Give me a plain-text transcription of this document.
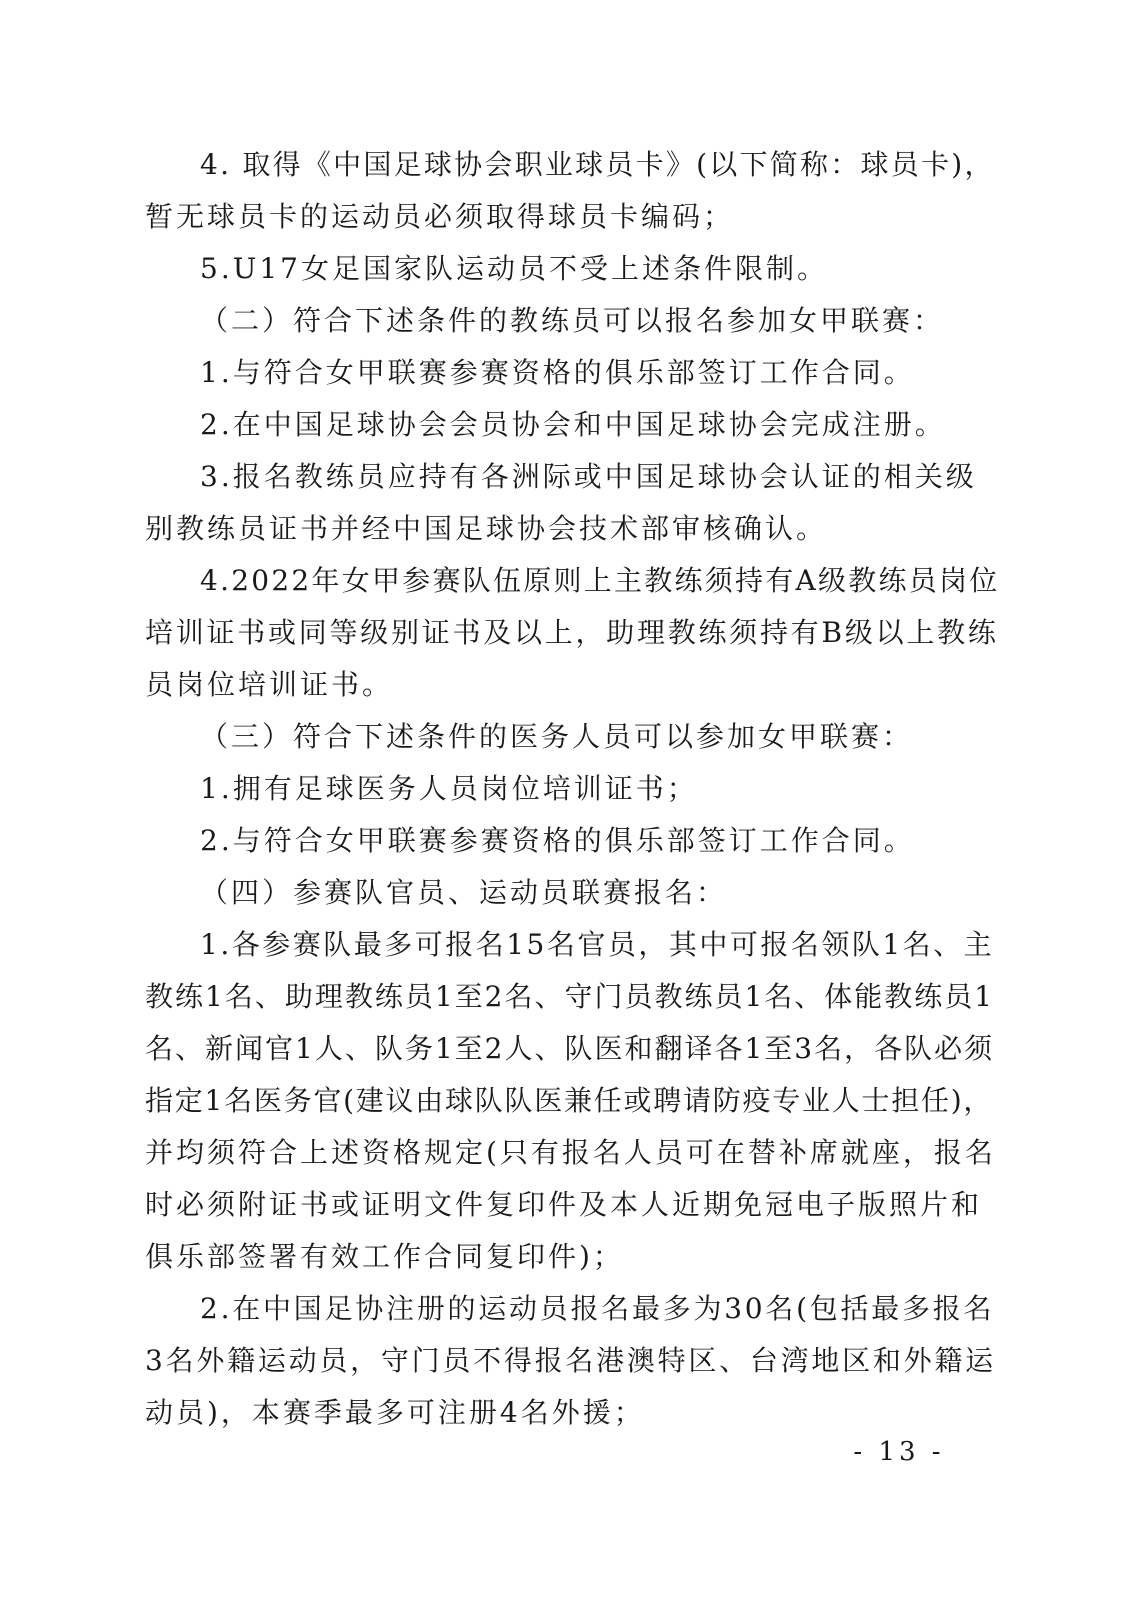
4. 取得《中国足球协会职业球员卡》(以下简称：球员卡)，

暂无球员卡的运动员必须取得球员卡编码；

5.U17女足国家队运动员不受上述条件限制。

（二）符合下述条件的教练员可以报名参加女甲联赛：

1.与符合女甲联赛参赛资格的俱乐部签订工作合同。

2.在中国足球协会会员协会和中国足球协会完成注册。

3.报名教练员应持有各洲际或中国足球协会认证的相关级

别教练员证书并经中国足球协会技术部审核确认。

4.2022年女甲参赛队伍原则上主教练须持有A级教练员岗位

培训证书或同等级别证书及以上，助理教练须持有B级以上教练

员岗位培训证书。

（三）符合下述条件的医务人员可以参加女甲联赛：

1.拥有足球医务人员岗位培训证书；

2.与符合女甲联赛参赛资格的俱乐部签订工作合同。

（四）参赛队官员、运动员联赛报名：

1.各参赛队最多可报名15名官员，其中可报名领队1名、主

教练1名、助理教练员1至2名、守门员教练员1名、体能教练员1

名、新闻官1人、队务1至2人、队医和翻译各1至3名，各队必须

指定1名医务官(建议由球队队医兼任或聘请防疫专业人士担任)，

并均须符合上述资格规定(只有报名人员可在替补席就座，报名

时必须附证书或证明文件复印件及本人近期免冠电子版照片和

俱乐部签署有效工作合同复印件)；

2.在中国足协注册的运动员报名最多为30名(包括最多报名

3名外籍运动员，守门员不得报名港澳特区、台湾地区和外籍运

动员)，本赛季最多可注册4名外援；

- 13 -
